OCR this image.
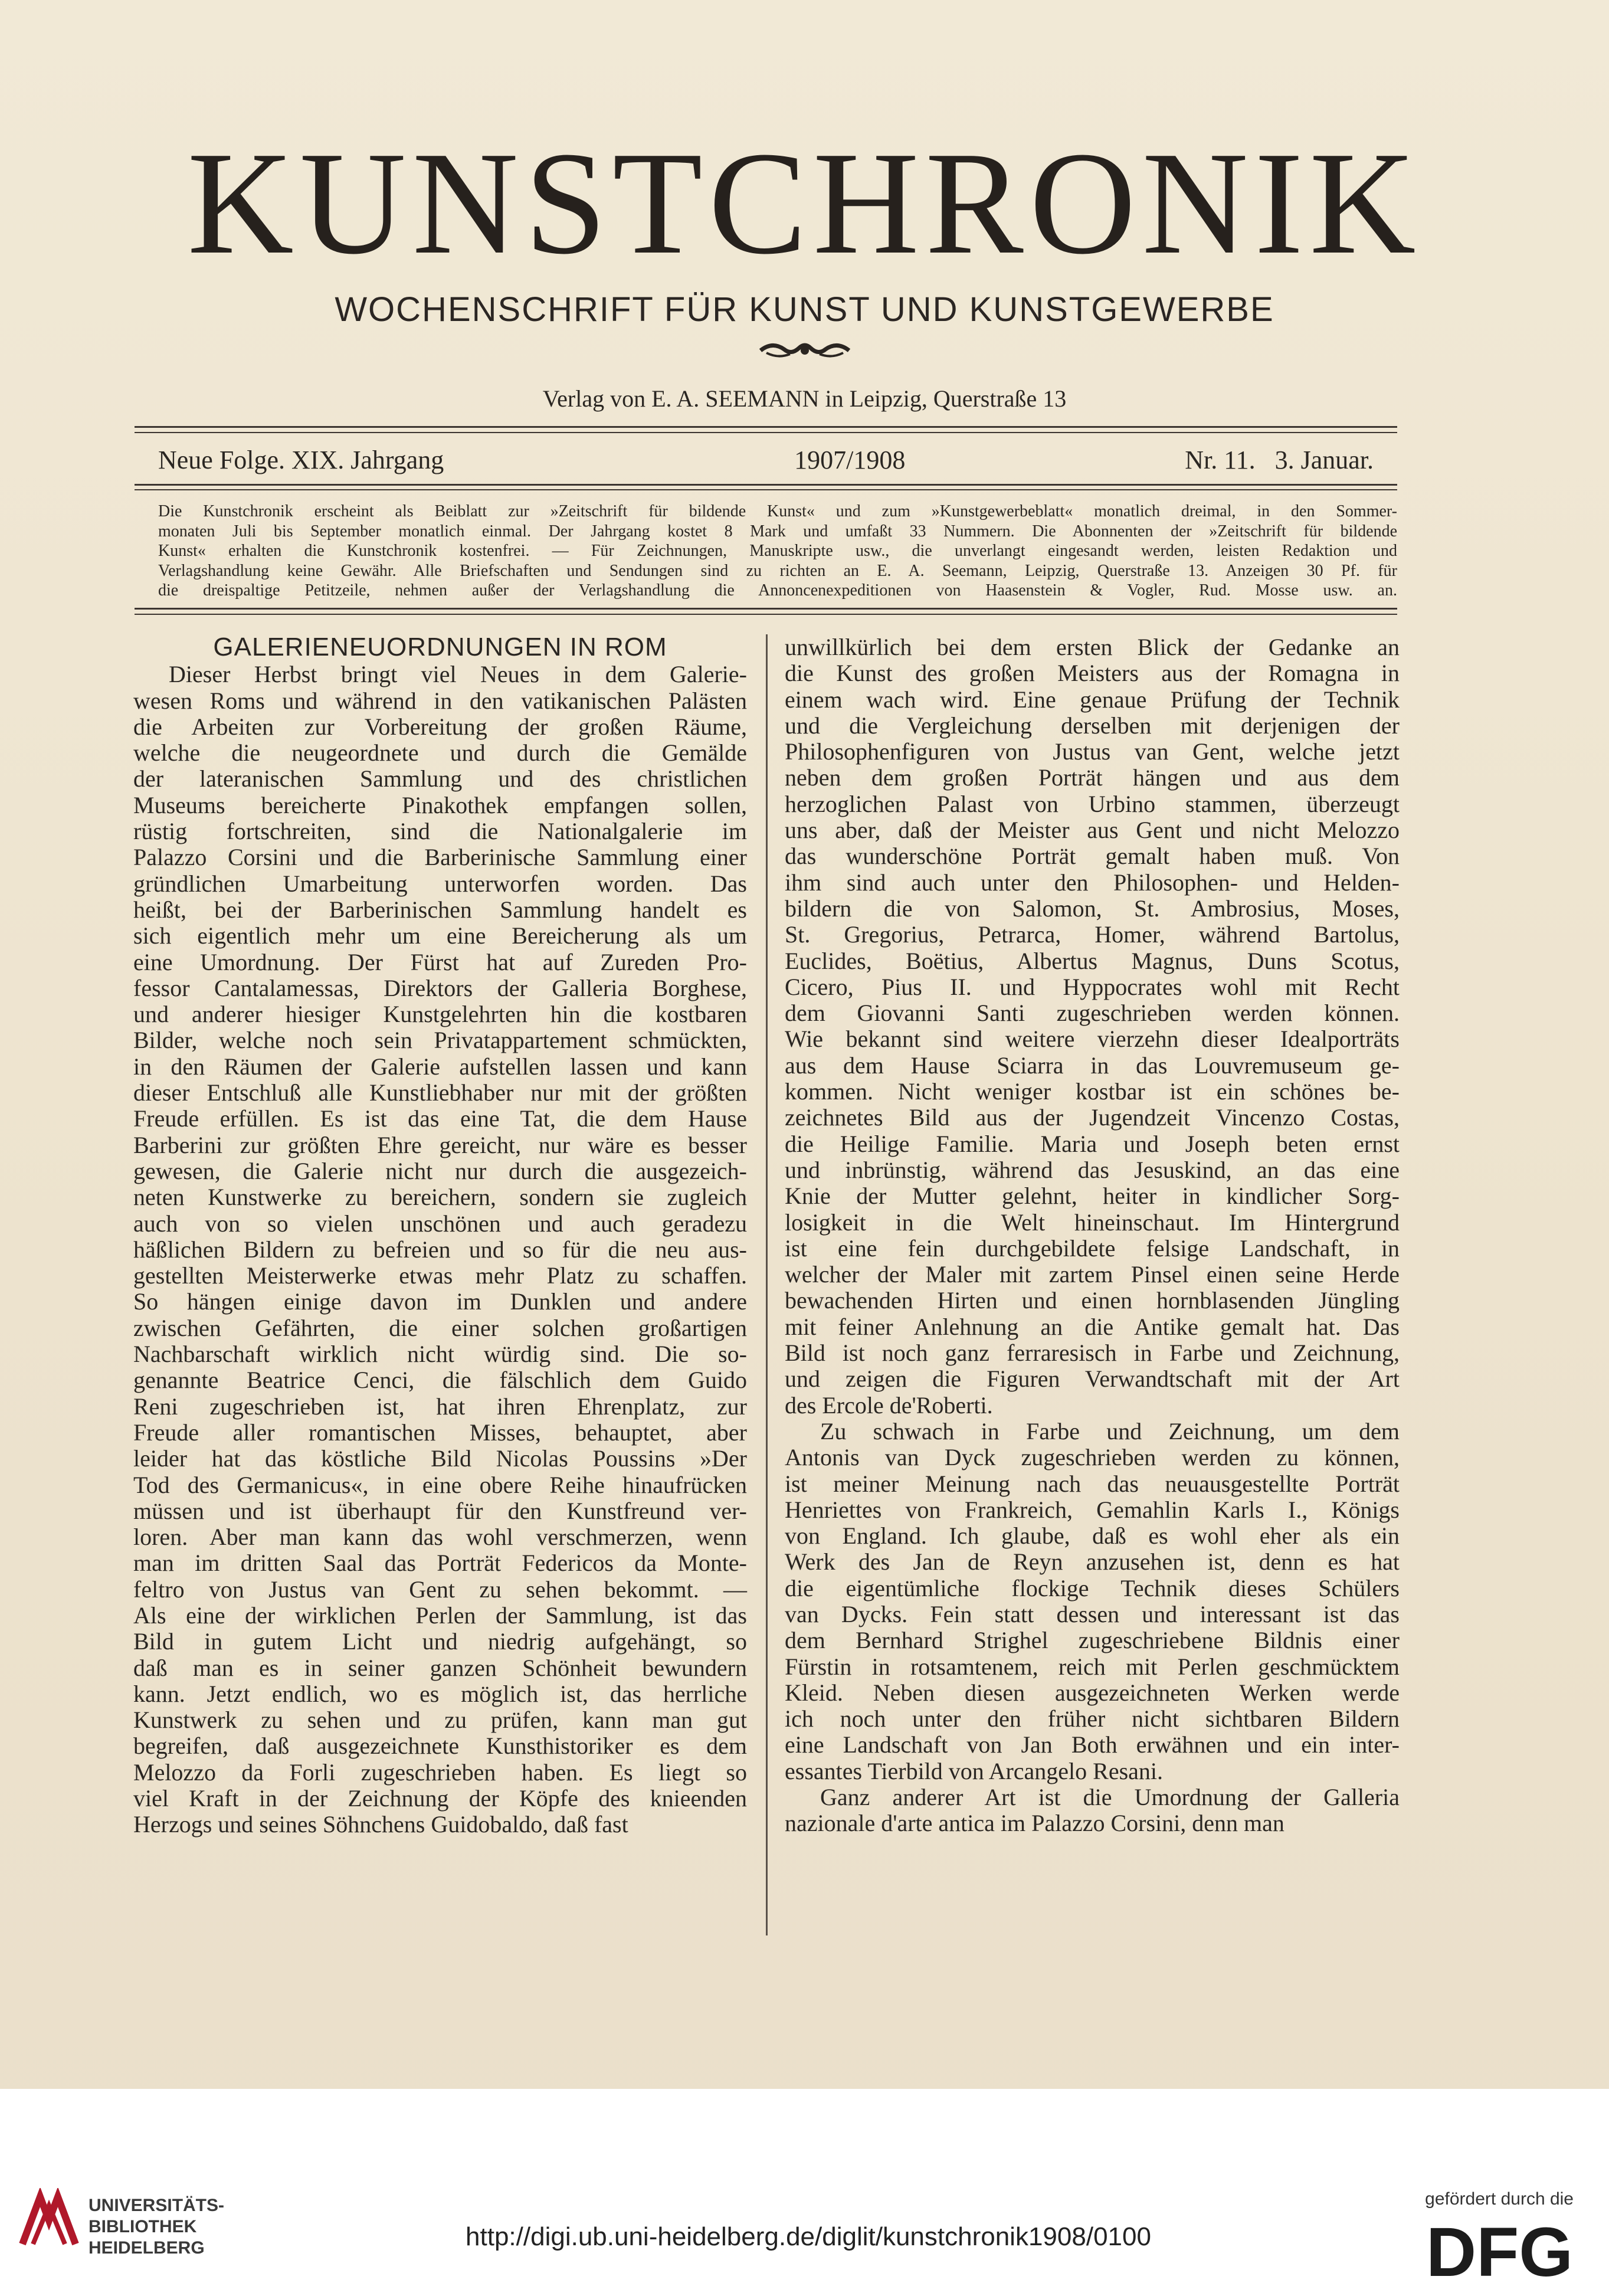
KUNSTCHRONIK
WOCHENSCHRIFT FÜR KUNST UND KUNSTGEWERBE
Verlag von E. A. SEEMANN in Leipzig, Querstraße 13
Neue Folge. XIX. Jahrgang	1907/1908	Nr. 11. 3. Januar.
Die Kunstchronik erscheint als Beiblatt zur »Zeitschrift für bildende Kunst« und zum »Kunstgewerbeblatt« monatlich dreimal, in den Sommer-
monaten Juli bis September monatlich einmal. Der Jahrgang kostet 8 Mark und umfaßt 33 Nummern. Die Abonnenten der »Zeitschrift für bildende
Kunst« erhalten die Kunstchronik kostenfrei. — Für Zeichnungen, Manuskripte usw., die unverlangt eingesandt werden, leisten Redaktion und
Verlagshandlung keine Gewähr. Alle Briefschaften und Sendungen sind zu richten an E. A. Seemann, Leipzig, Querstraße 13. Anzeigen 30 Pf. für
die dreispaltige Petitzeile, nehmen außer der Verlagshandlung die Annoncenexpeditionen von Haasenstein & Vogler, Rud. Mosse usw. an.
GALERIENEUORDNUNGEN IN ROM
Dieser Herbst bringt viel Neues in dem Galerie-
wesen Roms und während in den vatikanischen Palästen
die Arbeiten zur Vorbereitung der großen Räume,
welche die neugeordnete und durch die Gemälde
der lateranischen Sammlung und des christlichen
Museums bereicherte Pinakothek empfangen sollen,
rüstig fortschreiten, sind die Nationalgalerie im
Palazzo Corsini und die Barberinische Sammlung einer
gründlichen Umarbeitung unterworfen worden. Das
heißt, bei der Barberinischen Sammlung handelt es
sich eigentlich mehr um eine Bereicherung als um
eine Umordnung. Der Fürst hat auf Zureden Pro-
fessor Cantalamessas, Direktors der Galleria Borghese,
und anderer hiesiger Kunstgelehrten hin die kostbaren
Bilder, welche noch sein Privatappartement schmückten,
in den Räumen der Galerie aufstellen lassen und kann
dieser Entschluß alle Kunstliebhaber nur mit der größten
Freude erfüllen. Es ist das eine Tat, die dem Hause
Barberini zur größten Ehre gereicht, nur wäre es besser
gewesen, die Galerie nicht nur durch die ausgezeich-
neten Kunstwerke zu bereichern, sondern sie zugleich
auch von so vielen unschönen und auch geradezu
häßlichen Bildern zu befreien und so für die neu aus-
gestellten Meisterwerke etwas mehr Platz zu schaffen.
So hängen einige davon im Dunklen und andere
zwischen Gefährten, die einer solchen großartigen
Nachbarschaft wirklich nicht würdig sind. Die so-
genannte Beatrice Cenci, die fälschlich dem Guido
Reni zugeschrieben ist, hat ihren Ehrenplatz, zur
Freude aller romantischen Misses, behauptet, aber
leider hat das köstliche Bild Nicolas Poussins »Der
Tod des Germanicus«, in eine obere Reihe hinaufrücken
müssen und ist überhaupt für den Kunstfreund ver-
loren. Aber man kann das wohl verschmerzen, wenn
man im dritten Saal das Porträt Federicos da Monte-
feltro von Justus van Gent zu sehen bekommt. —
Als eine der wirklichen Perlen der Sammlung, ist das
Bild in gutem Licht und niedrig aufgehängt, so
daß man es in seiner ganzen Schönheit bewundern
kann. Jetzt endlich, wo es möglich ist, das herrliche
Kunstwerk zu sehen und zu prüfen, kann man gut
begreifen, daß ausgezeichnete Kunsthistoriker es dem
Melozzo da Forli zugeschrieben haben. Es liegt so
viel Kraft in der Zeichnung der Köpfe des knieenden
Herzogs und seines Söhnchens Guidobaldo, daß fast
unwillkürlich bei dem ersten Blick der Gedanke an
die Kunst des großen Meisters aus der Romagna in
einem wach wird. Eine genaue Prüfung der Technik
und die Vergleichung derselben mit derjenigen der
Philosophenfiguren von Justus van Gent, welche jetzt
neben dem großen Porträt hängen und aus dem
herzoglichen Palast von Urbino stammen, überzeugt
uns aber, daß der Meister aus Gent und nicht Melozzo
das wunderschöne Porträt gemalt haben muß. Von
ihm sind auch unter den Philosophen- und Helden-
bildern die von Salomon, St. Ambrosius, Moses,
St. Gregorius, Petrarca, Homer, während Bartolus,
Euclides, Boëtius, Albertus Magnus, Duns Scotus,
Cicero, Pius II. und Hyppocrates wohl mit Recht
dem Giovanni Santi zugeschrieben werden können.
Wie bekannt sind weitere vierzehn dieser Idealporträts
aus dem Hause Sciarra in das Louvremuseum ge-
kommen. Nicht weniger kostbar ist ein schönes be-
zeichnetes Bild aus der Jugendzeit Vincenzo Costas,
die Heilige Familie. Maria und Joseph beten ernst
und inbrünstig, während das Jesuskind, an das eine
Knie der Mutter gelehnt, heiter in kindlicher Sorg-
losigkeit in die Welt hineinschaut. Im Hintergrund
ist eine fein durchgebildete felsige Landschaft, in
welcher der Maler mit zartem Pinsel einen seine Herde
bewachenden Hirten und einen hornblasenden Jüngling
mit feiner Anlehnung an die Antike gemalt hat. Das
Bild ist noch ganz ferraresisch in Farbe und Zeichnung,
und zeigen die Figuren Verwandtschaft mit der Art
des Ercole de'Roberti.
Zu schwach in Farbe und Zeichnung, um dem
Antonis van Dyck zugeschrieben werden zu können,
ist meiner Meinung nach das neuausgestellte Porträt
Henriettes von Frankreich, Gemahlin Karls I., Königs
von England. Ich glaube, daß es wohl eher als ein
Werk des Jan de Reyn anzusehen ist, denn es hat
die eigentümliche flockige Technik dieses Schülers
van Dycks. Fein statt dessen und interessant ist das
dem Bernhard Strighel zugeschriebene Bildnis einer
Fürstin in rotsamtenem, reich mit Perlen geschmücktem
Kleid. Neben diesen ausgezeichneten Werken werde
ich noch unter den früher nicht sichtbaren Bildern
eine Landschaft von Jan Both erwähnen und ein inter-
essantes Tierbild von Arcangelo Resani.
Ganz anderer Art ist die Umordnung der Galleria
nazionale d'arte antica im Palazzo Corsini, denn man
UNIVERSITÄTS-
BIBLIOTHEK
HEIDELBERG	http://digi.ub.uni-heidelberg.de/diglit/kunstchronik1908/0100
gefördert durch die
DFG
